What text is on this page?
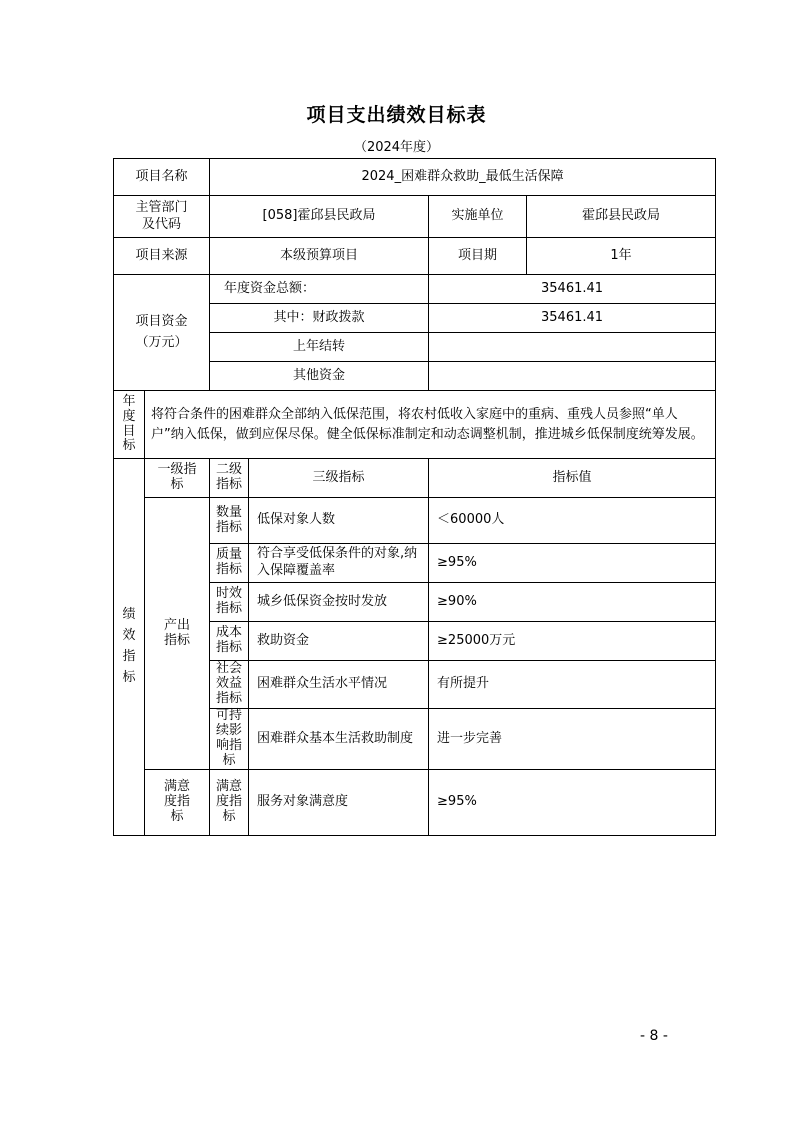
项目支出绩效目标表
（2024年度）
项目名称		2024_困难群众救助_最低生活保障			
主管部门及代码		[058]霍邱县民政局		实施单位	霍邱县民政局
项目来源		本级预算项目		项目期	1年
项目资金（万元）		年度资金总额：		35461.41	
		其中：财政拨款		35461.41	
		上年结转			
		其他资金			
年度目标	将符合条件的困难群众全部纳入低保范围，将农村低收入家庭中的重病、重残人员参照“单人户”纳入低保，做到应保尽保。健全低保标准制定和动态调整机制，推进城乡低保制度统筹发展。				
绩效指标	一级指标	二级指标	三级指标	指标值	
	产出指标	数量指标	低保对象人数	＜60000人	
		质量指标	符合享受低保条件的对象,纳入保障覆盖率	≥95%	
		时效指标	城乡低保资金按时发放	≥90%	
		成本指标	救助资金	≥25000万元	
		社会效益指标	困难群众生活水平情况	有所提升	
		可持续影响指标	困难群众基本生活救助制度	进一步完善	
	满意度指标	满意度指标	服务对象满意度	≥95%	
- 8 -
